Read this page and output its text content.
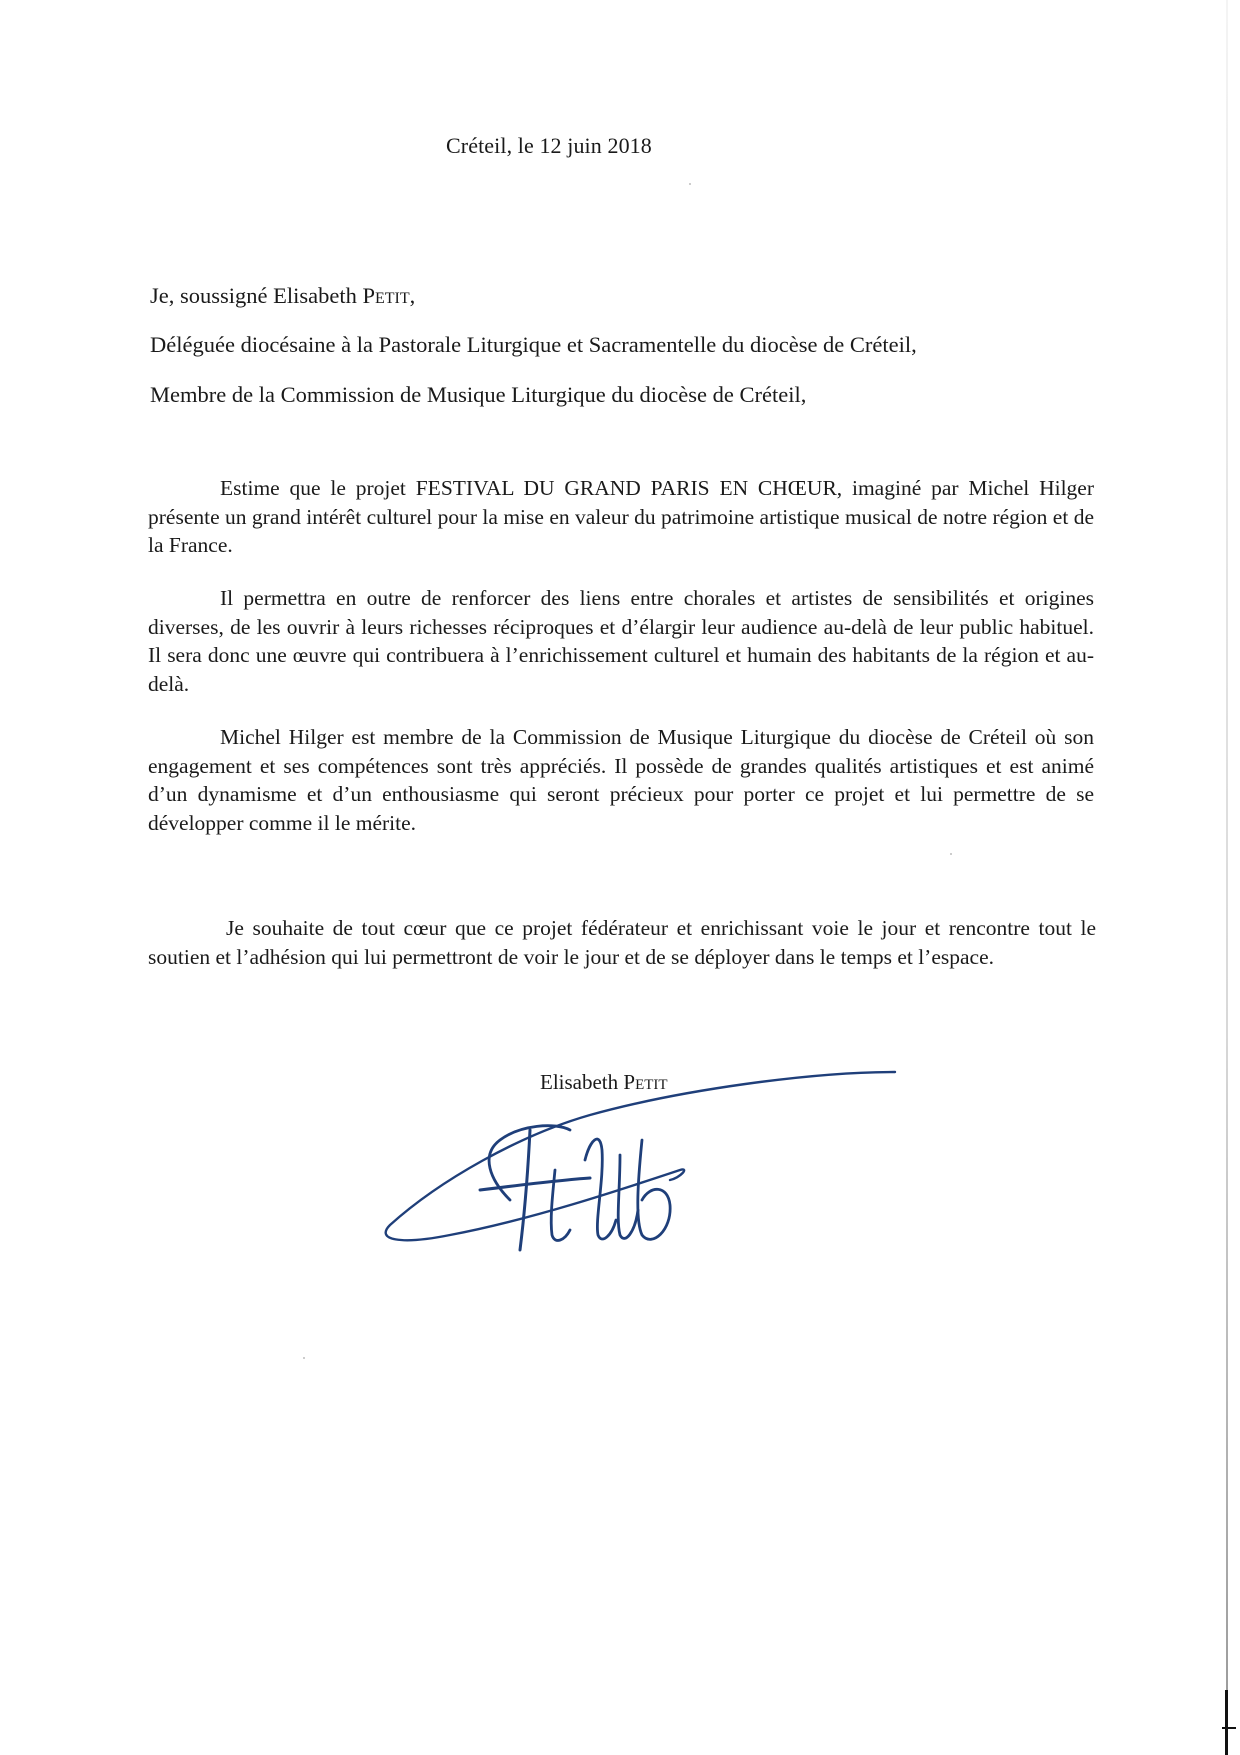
Créteil, le 12 juin 2018
Je, soussigné Elisabeth Petit,
Déléguée diocésaine à la Pastorale Liturgique et Sacramentelle du diocèse de Créteil,
Membre de la Commission de Musique Liturgique du diocèse de Créteil,

Estime que le projet FESTIVAL DU GRAND PARIS EN CHŒUR, imaginé par Michel Hilger présente un grand intérêt culturel pour la mise en valeur du patrimoine artistique musical de notre région et de la France.

Il permettra en outre de renforcer des liens entre chorales et artistes de sensibilités et origines diverses, de les ouvrir à leurs richesses réciproques et d’élargir leur audience au-delà de leur public habituel. Il sera donc une œuvre qui contribuera à l’enrichissement culturel et humain des habitants de la région et au-delà.

Michel Hilger est membre de la Commission de Musique Liturgique du diocèse de Créteil où son engagement et ses compétences sont très appréciés. Il possède de grandes qualités artistiques et est animé d’un dynamisme et d’un enthousiasme qui seront précieux pour porter ce projet et lui permettre de se développer comme il le mérite.

Je souhaite de tout cœur que ce projet fédérateur et enrichissant voie le jour et rencontre tout le soutien et l’adhésion qui lui permettront de voir le jour et de se déployer dans le temps et l’espace.

Elisabeth Petit
